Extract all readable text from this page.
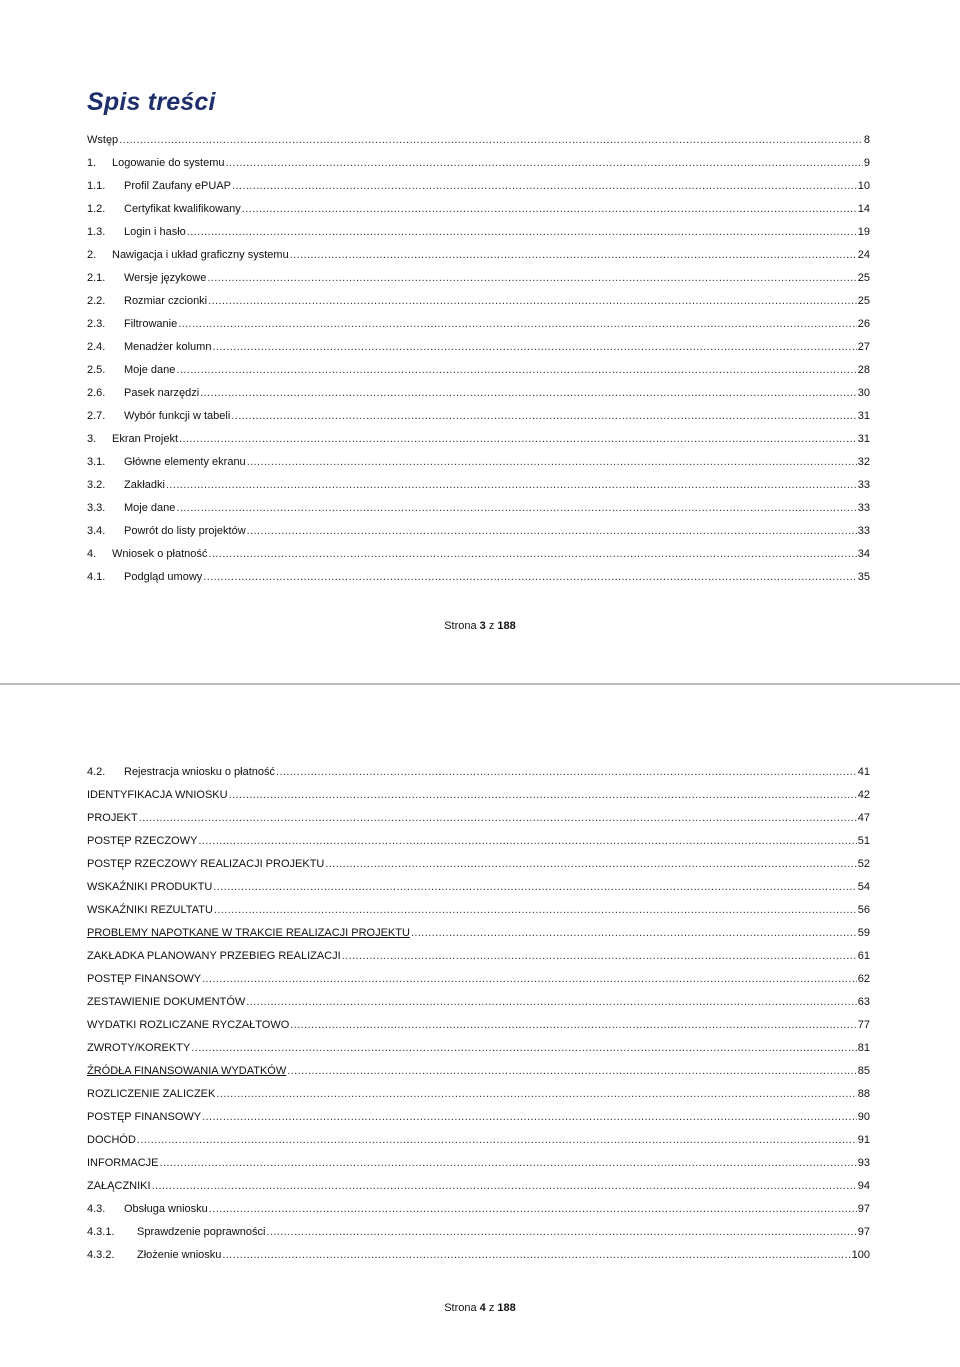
Spis treści
Wstęp .....	8
1.	Logowanie do systemu .....	9
1.1.	Profil Zaufany ePUAP .....	10
1.2.	Certyfikat kwalifikowany .....	14
1.3.	Login i hasło .....	19
2.	Nawigacja i układ graficzny systemu .....	24
2.1.	Wersje językowe .....	25
2.2.	Rozmiar czcionki .....	25
2.3.	Filtrowanie .....	26
2.4.	Menadżer kolumn .....	27
2.5.	Moje dane .....	28
2.6.	Pasek narzędzi .....	30
2.7.	Wybór funkcji w tabeli .....	31
3.	Ekran Projekt .....	31
3.1.	Główne elementy ekranu .....	32
3.2.	Zakładki .....	33
3.3.	Moje dane .....	33
3.4.	Powrót do listy projektów .....	33
4.	Wniosek o płatność .....	34
4.1.	Podgląd umowy .....	35
Strona 3 z 188
4.2.	Rejestracja wniosku o płatność .....	41
IDENTYFIKACJA WNIOSKU .....	42
PROJEKT .....	47
POSTĘP RZECZOWY .....	51
POSTĘP RZECZOWY REALIZACJI PROJEKTU .....	52
WSKAŹNIKI PRODUKTU .....	54
WSKAŹNIKI REZULTATU .....	56
PROBLEMY NAPOTKANE W TRAKCIE REALIZACJI PROJEKTU .....	59
ZAKŁADKA PLANOWANY PRZEBIEG REALIZACJI .....	61
POSTĘP FINANSOWY .....	62
ZESTAWIENIE DOKUMENTÓW .....	63
WYDATKI ROZLICZANE RYCZAŁTOWO .....	77
ZWROTY/KOREKTY .....	81
ŹRÓDŁA FINANSOWANIA WYDATKÓW .....	85
ROZLICZENIE ZALICZEK .....	88
POSTĘP FINANSOWY .....	90
DOCHÓD .....	91
INFORMACJE .....	93
ZAŁĄCZNIKI .....	94
4.3.	Obsługa wniosku .....	97
4.3.1.	Sprawdzenie poprawności .....	97
4.3.2.	Złożenie wniosku .....	100
Strona 4 z 188
